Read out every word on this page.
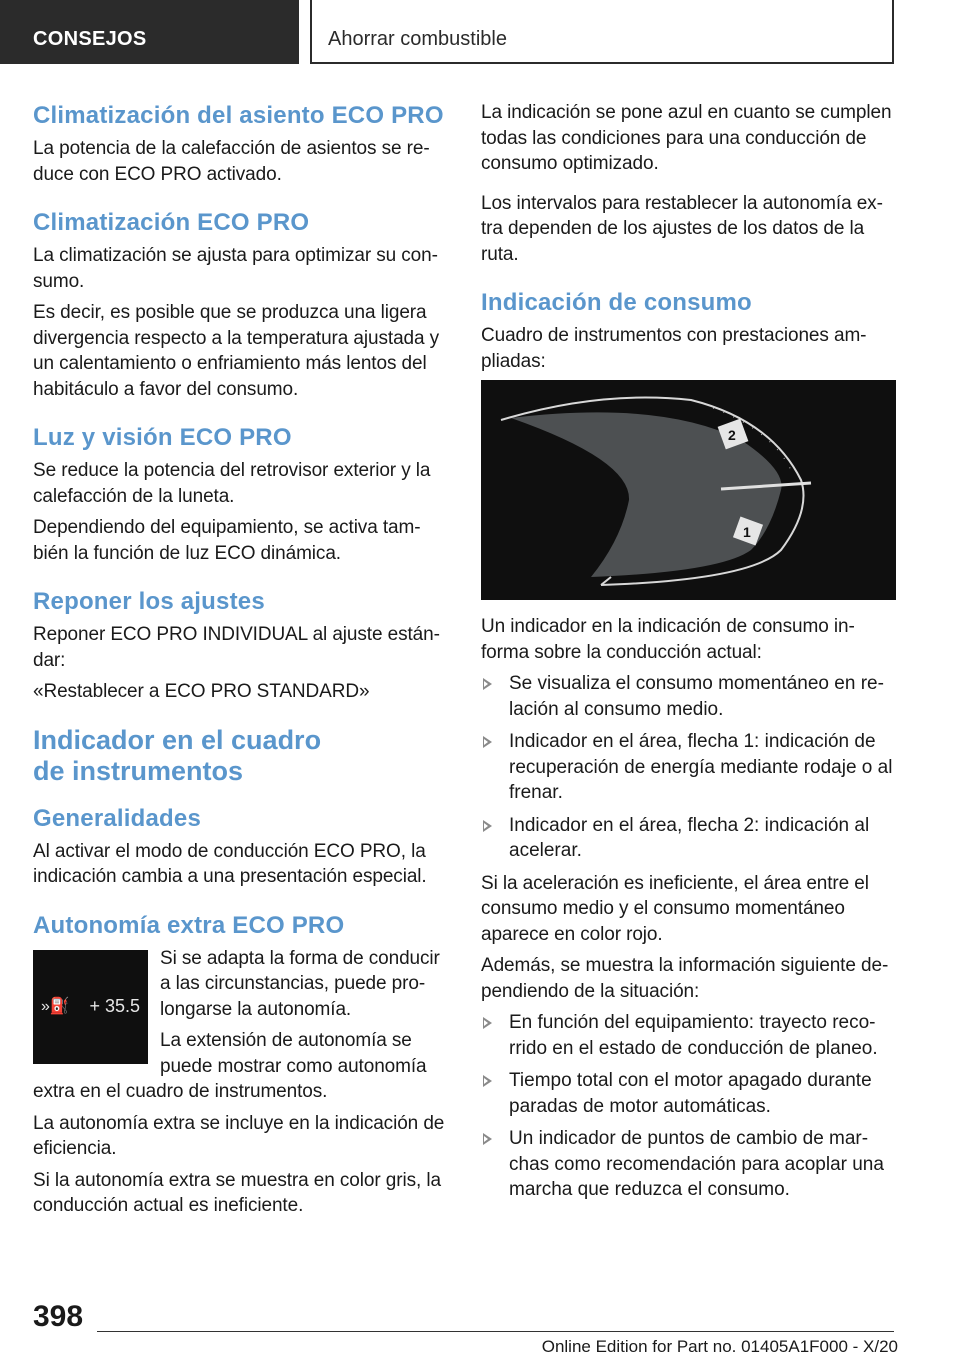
CONSEJOS	Ahorrar combustible
Climatización del asiento ECO PRO

La potencia de la calefacción de asientos se reduce con ECO PRO activado.

Climatización ECO PRO

La climatización se ajusta para optimizar su consumo.

Es decir, es posible que se produzca una ligera divergencia respecto a la temperatura ajustada y un calentamiento o enfriamiento más lentos del habitáculo a favor del consumo.

Luz y visión ECO PRO

Se reduce la potencia del retrovisor exterior y la calefacción de la luneta.

Dependiendo del equipamiento, se activa también la función de luz ECO dinámica.

Reponer los ajustes

Reponer ECO PRO INDIVIDUAL al ajuste estándar:

«Restablecer a ECO PRO STANDARD»

Indicador en el cuadro
de instrumentos
Generalidades

Al activar el modo de conducción ECO PRO, la indicación cambia a una presentación especial.

Autonomía extra ECO PRO
»⛽ + 35.5

Si se adapta la forma de conducir a las circunstancias, puede prolongarse la autonomía.

La extensión de autonomía se puede mostrar como autonomía extra en el cuadro de instrumentos.

La autonomía extra se incluye en la indicación de eficiencia.

Si la autonomía extra se muestra en color gris, la conducción actual es ineficiente.

La indicación se pone azul en cuanto se cumplen todas las condiciones para una conducción de consumo optimizado.

Los intervalos para restablecer la autonomía extra dependen de los ajustes de los datos de la ruta.

Indicación de consumo

Cuadro de instrumentos con prestaciones ampliadas:

2
1

Un indicador en la indicación de consumo informa sobre la conducción actual:

Se visualiza el consumo momentáneo en relación al consumo medio.
Indicador en el área, flecha 1: indicación de recuperación de energía mediante rodaje o al frenar.
Indicador en el área, flecha 2: indicación al acelerar.

Si la aceleración es ineficiente, el área entre el consumo medio y el consumo momentáneo aparece en color rojo.

Además, se muestra la información siguiente dependiendo de la situación:

En función del equipamiento: trayecto recorrido en el estado de conducción de planeo.
Tiempo total con el motor apagado durante paradas de motor automáticas.
Un indicador de puntos de cambio de marchas como recomendación para acoplar una marcha que reduzca el consumo.
398
Online Edition for Part no. 01405A1F000 - X/20
